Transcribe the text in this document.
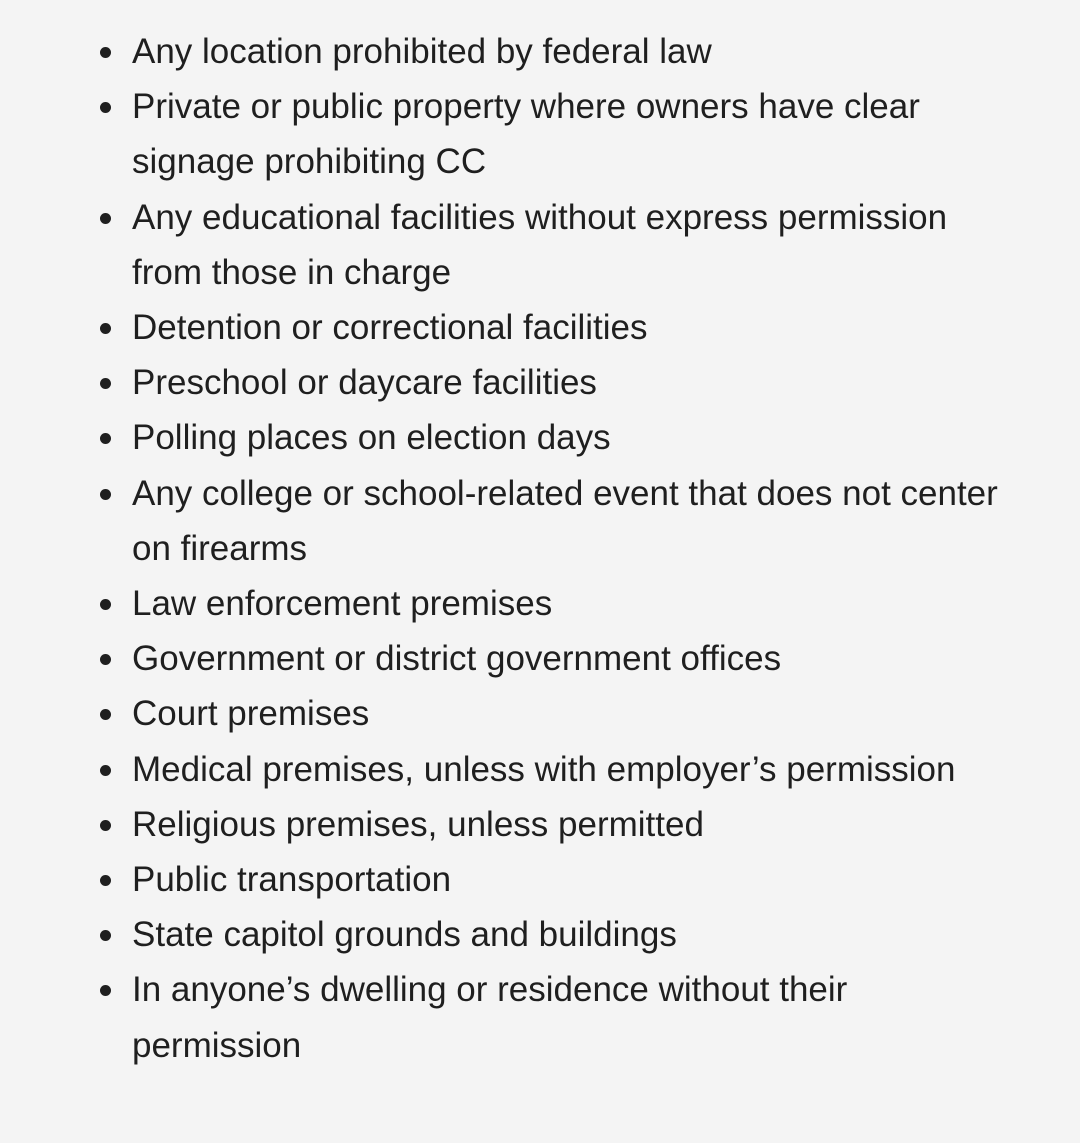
Any location prohibited by federal law
Private or public property where owners have clear signage prohibiting CC
Any educational facilities without express permission from those in charge
Detention or correctional facilities
Preschool or daycare facilities
Polling places on election days
Any college or school-related event that does not center on firearms
Law enforcement premises
Government or district government offices
Court premises
Medical premises, unless with employer’s permission
Religious premises, unless permitted
Public transportation
State capitol grounds and buildings
In anyone’s dwelling or residence without their permission
